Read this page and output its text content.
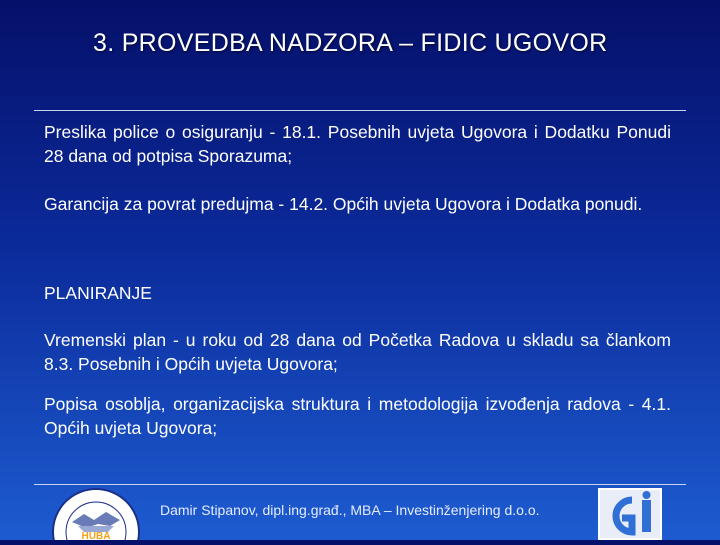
3. PROVEDBA NADZORA – FIDIC UGOVOR
Preslika police o osiguranju - 18.1. Posebnih uvjeta Ugovora i Dodatku Ponudi 28 dana od potpisa Sporazuma;
Garancija za povrat predujma - 14.2. Općih uvjeta Ugovora i Dodatka ponudi.
PLANIRANJE
Vremenski plan - u roku od 28 dana od Početka Radova u skladu sa člankom 8.3. Posebnih i Općih uvjeta Ugovora;
Popisa osoblja, organizacijska struktura i metodologija izvođenja radova - 4.1. Općih uvjeta Ugovora;
HUBA
Damir Stipanov, dipl.ing.građ., MBA – Investinženjering d.o.o.
